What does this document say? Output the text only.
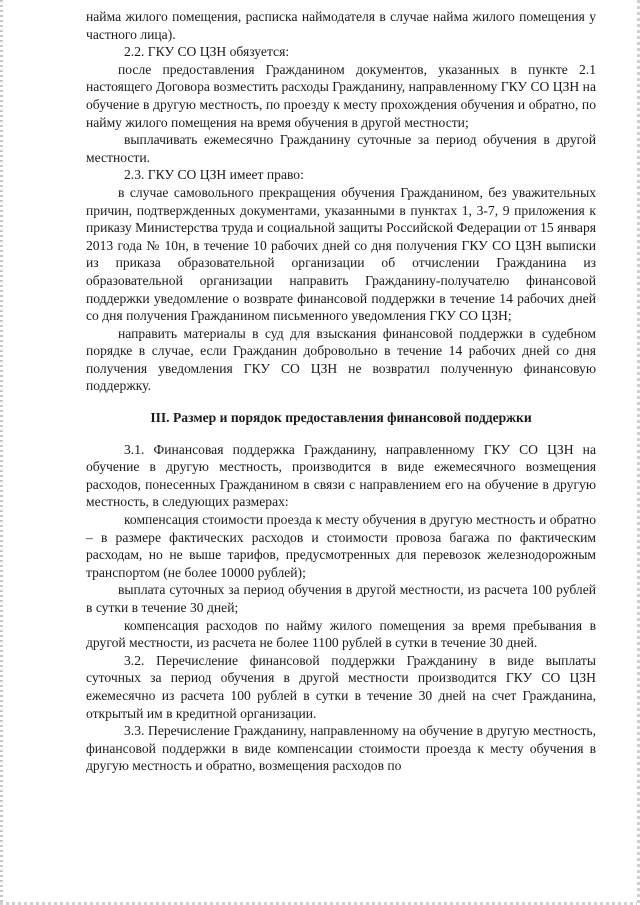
найма жилого помещения, расписка наймодателя в случае найма жилого помещения у частного лица).

2.2. ГКУ СО ЦЗН обязуется:

после предоставления Гражданином документов, указанных в пункте 2.1 настоящего Договора возместить расходы Гражданину, направленному ГКУ СО ЦЗН на обучение в другую местность, по проезду к месту прохождения обучения и обратно, по найму жилого помещения на время обучения в другой местности;

выплачивать ежемесячно Гражданину суточные за период обучения в другой местности.

2.3. ГКУ СО ЦЗН имеет право:

в случае самовольного прекращения обучения Гражданином, без уважительных причин, подтвержденных документами, указанными в пунктах 1, 3-7, 9 приложения к приказу Министерства труда и социальной защиты Российской Федерации от 15 января 2013 года № 10н, в течение 10 рабочих дней со дня получения ГКУ СО ЦЗН выписки из приказа образовательной организации об отчислении Гражданина из образовательной организации направить Гражданину-получателю финансовой поддержки уведомление о возврате финансовой поддержки в течение 14 рабочих дней со дня получения Гражданином письменного уведомления ГКУ СО ЦЗН;

направить материалы в суд для взыскания финансовой поддержки в судебном порядке в случае, если Гражданин добровольно в течение 14 рабочих дней со дня получения уведомления ГКУ СО ЦЗН не возвратил полученную финансовую поддержку.

III. Размер и порядок предоставления финансовой поддержки

3.1. Финансовая поддержка Гражданину, направленному ГКУ СО ЦЗН на обучение в другую местность, производится в виде ежемесячного возмещения расходов, понесенных Гражданином в связи с направлением его на обучение в другую местность, в следующих размерах:

компенсация стоимости проезда к месту обучения в другую местность и обратно – в размере фактических расходов и стоимости провоза багажа по фактическим расходам, но не выше тарифов, предусмотренных для перевозок железнодорожным транспортом (не более 10000 рублей);

выплата суточных за период обучения в другой местности, из расчета 100 рублей в сутки в течение 30 дней;

компенсация расходов по найму жилого помещения за время пребывания в другой местности, из расчета не более 1100 рублей в сутки в течение 30 дней.

3.2. Перечисление финансовой поддержки Гражданину в виде выплаты суточных за период обучения в другой местности производится ГКУ СО ЦЗН ежемесячно из расчета 100 рублей в сутки в течение 30 дней на счет Гражданина, открытый им в кредитной организации.

3.3. Перечисление Гражданину, направленному на обучение в другую местность, финансовой поддержки в виде компенсации стоимости проезда к месту обучения в другую местность и обратно, возмещения расходов по
